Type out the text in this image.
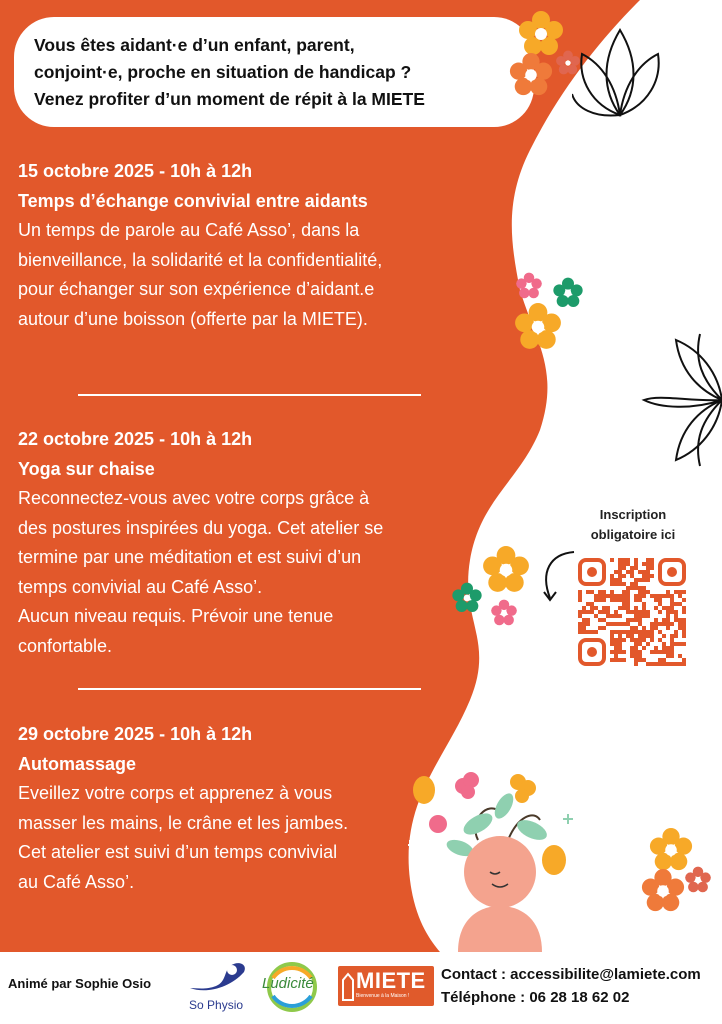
Vous êtes aidant·e d’un enfant, parent,
conjoint·e, proche en situation de handicap ?
Venez profiter d’un moment de répit à la MIETE
15 octobre 2025 - 10h à 12h
Temps d’échange convivial entre aidants
Un temps de parole au Café Asso’, dans la
bienveillance, la solidarité et la confidentialité,
pour échanger sur son expérience d’aidant.e
autour d’une boisson (offerte par la MIETE).
22 octobre 2025 - 10h à 12h
Yoga sur chaise
Reconnectez-vous avec votre corps grâce à
des postures inspirées du yoga. Cet atelier se
termine par une méditation et est suivi d’un
temps convivial au Café Asso’.
Aucun niveau requis. Prévoir une tenue
confortable.
29 octobre 2025 - 10h à 12h
Automassage
Eveillez votre corps et apprenez à vous
masser les mains, le crâne et les jambes.
Cet atelier est suivi d’un temps convivial
au Café Asso’.
Inscription
obligatoire ici
Animé par Sophie Osio
So Physio
Ludicité MIETE
Bienvenue à la Maison !
Contact : accessibilite@lamiete.com
Téléphone : 06 28 18 62 02
